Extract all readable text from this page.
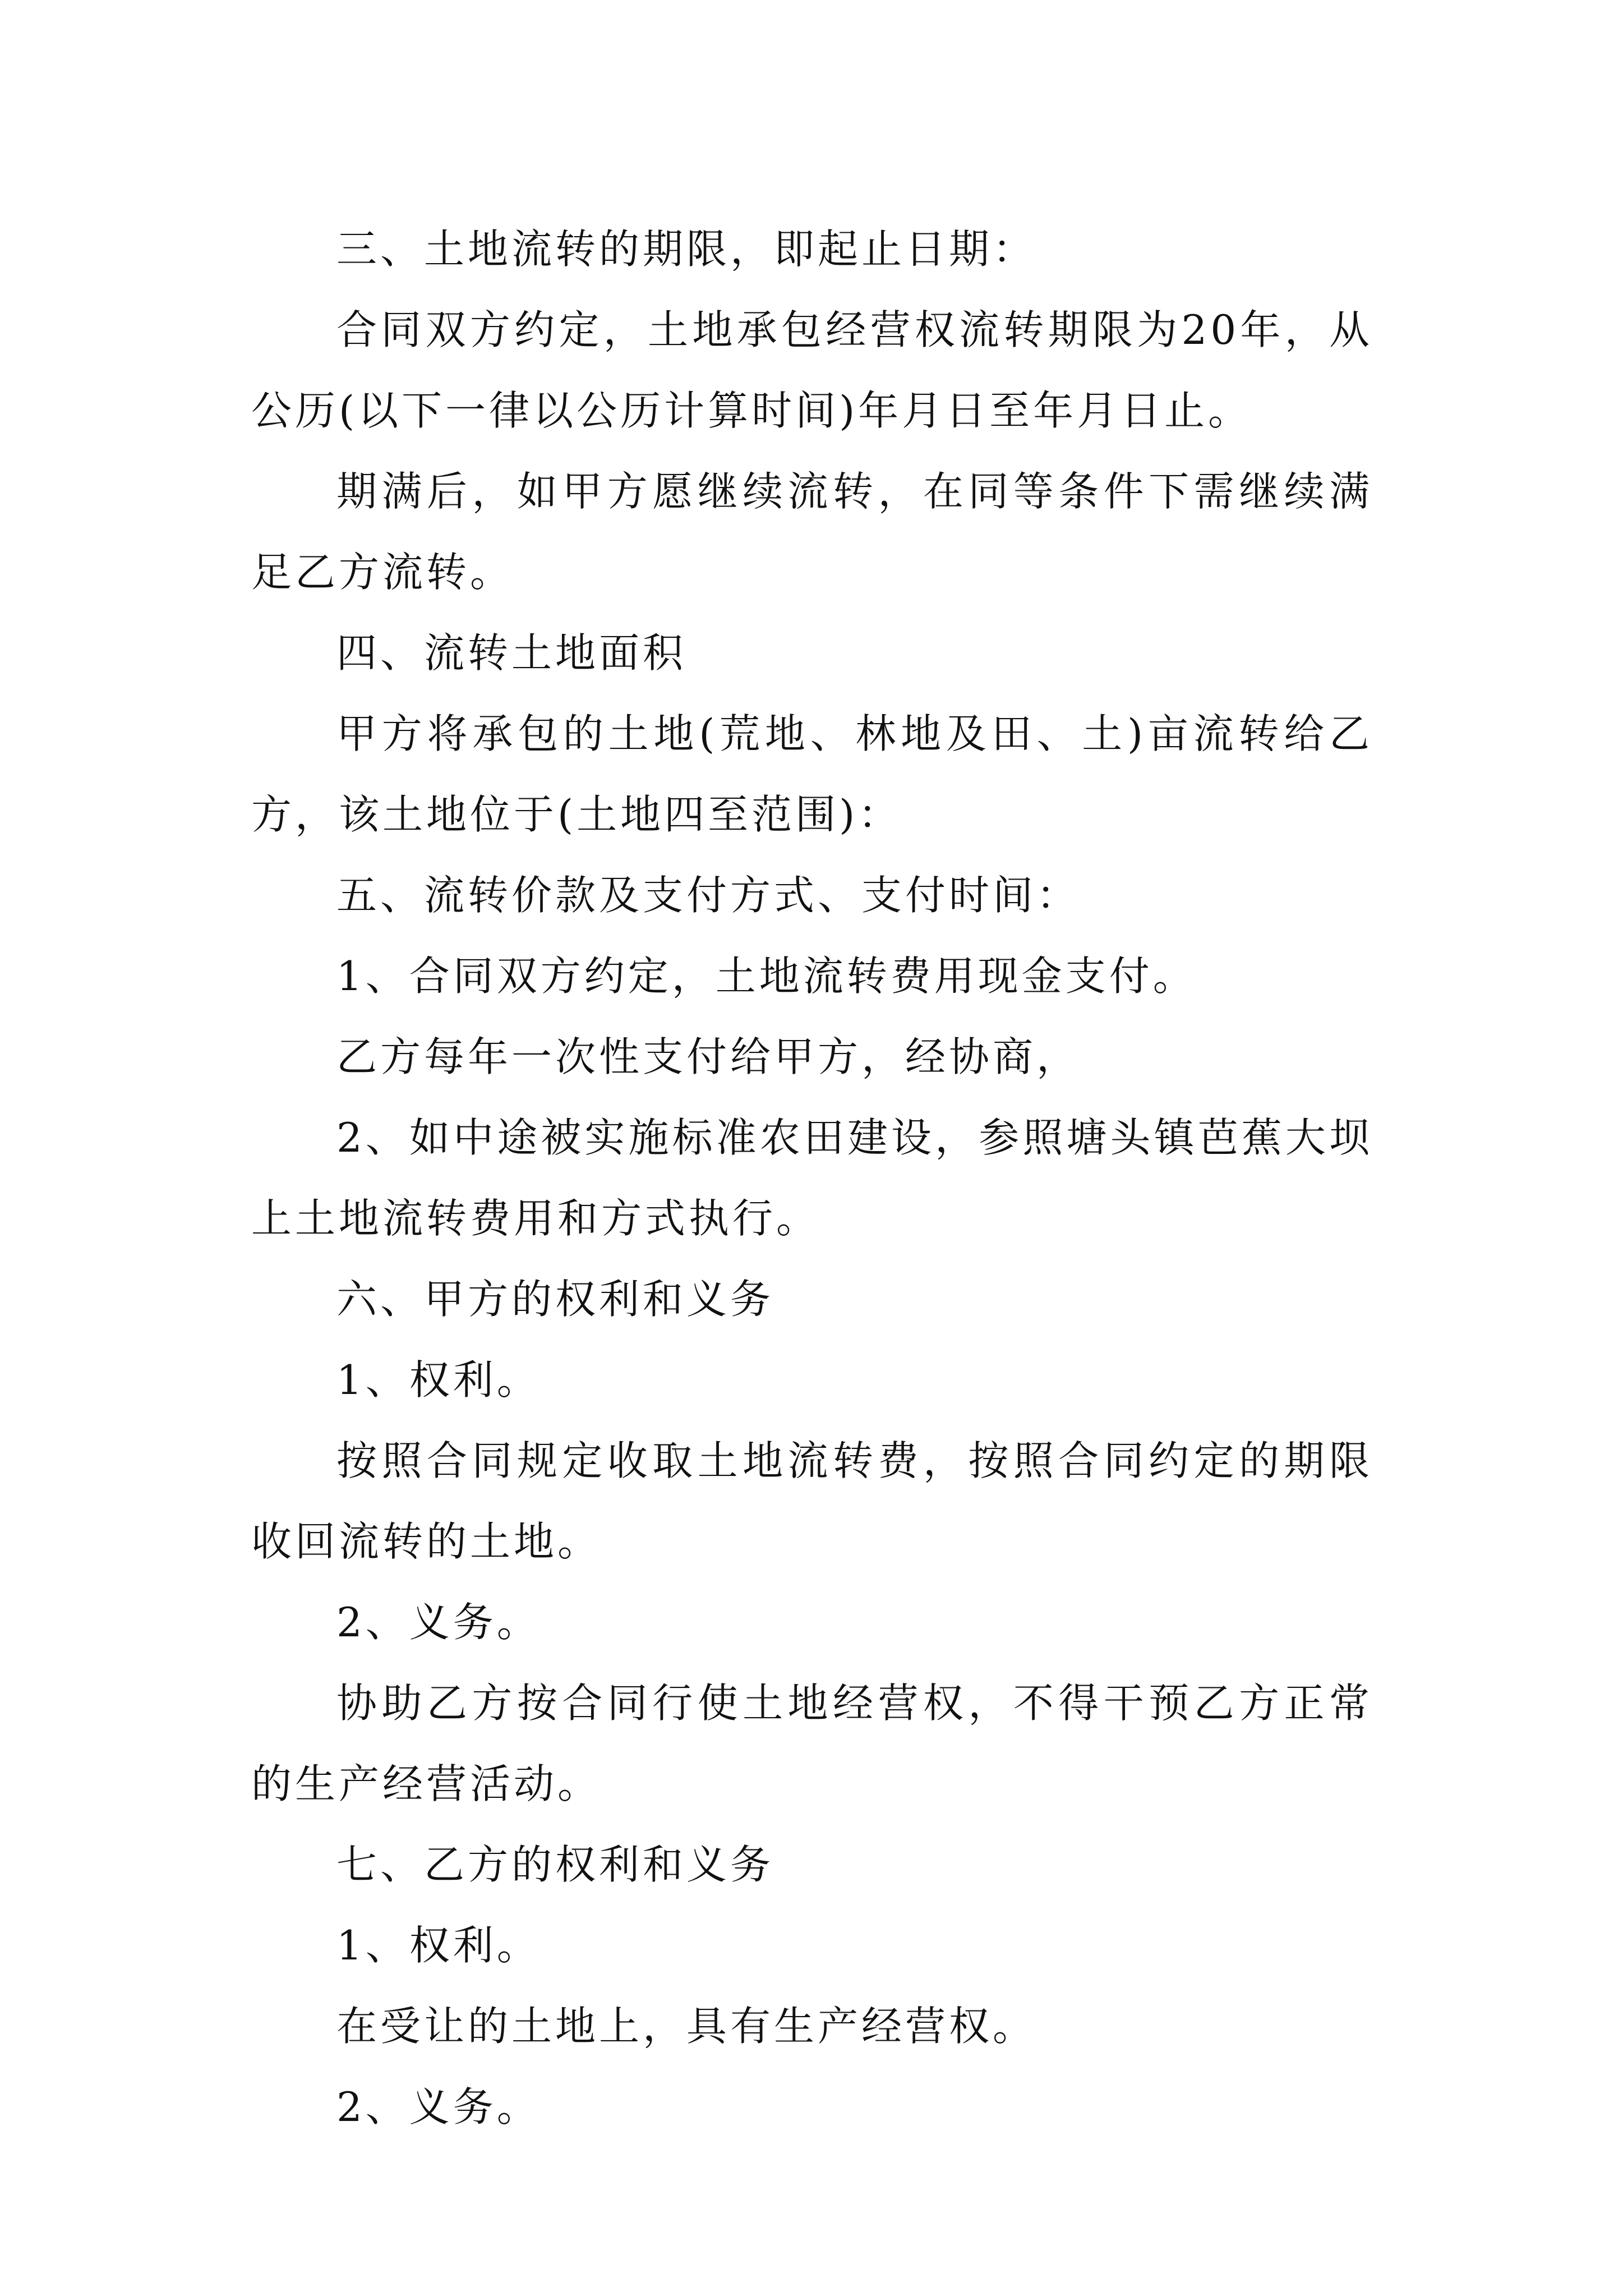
三、土地流转的期限，即起止日期：

合同双方约定，土地承包经营权流转期限为20年，从公历(以下一律以公历计算时间)年月日至年月日止。

期满后，如甲方愿继续流转，在同等条件下需继续满足乙方流转。

四、流转土地面积

甲方将承包的土地(荒地、林地及田、土)亩流转给乙方，该土地位于(土地四至范围)：

五、流转价款及支付方式、支付时间：

1、合同双方约定，土地流转费用现金支付。

乙方每年一次性支付给甲方，经协商，

2、如中途被实施标准农田建设，参照塘头镇芭蕉大坝上土地流转费用和方式执行。

六、甲方的权利和义务

1、权利。

按照合同规定收取土地流转费，按照合同约定的期限收回流转的土地。

2、义务。

协助乙方按合同行使土地经营权，不得干预乙方正常的生产经营活动。

七、乙方的权利和义务

1、权利。

在受让的土地上，具有生产经营权。

2、义务。
